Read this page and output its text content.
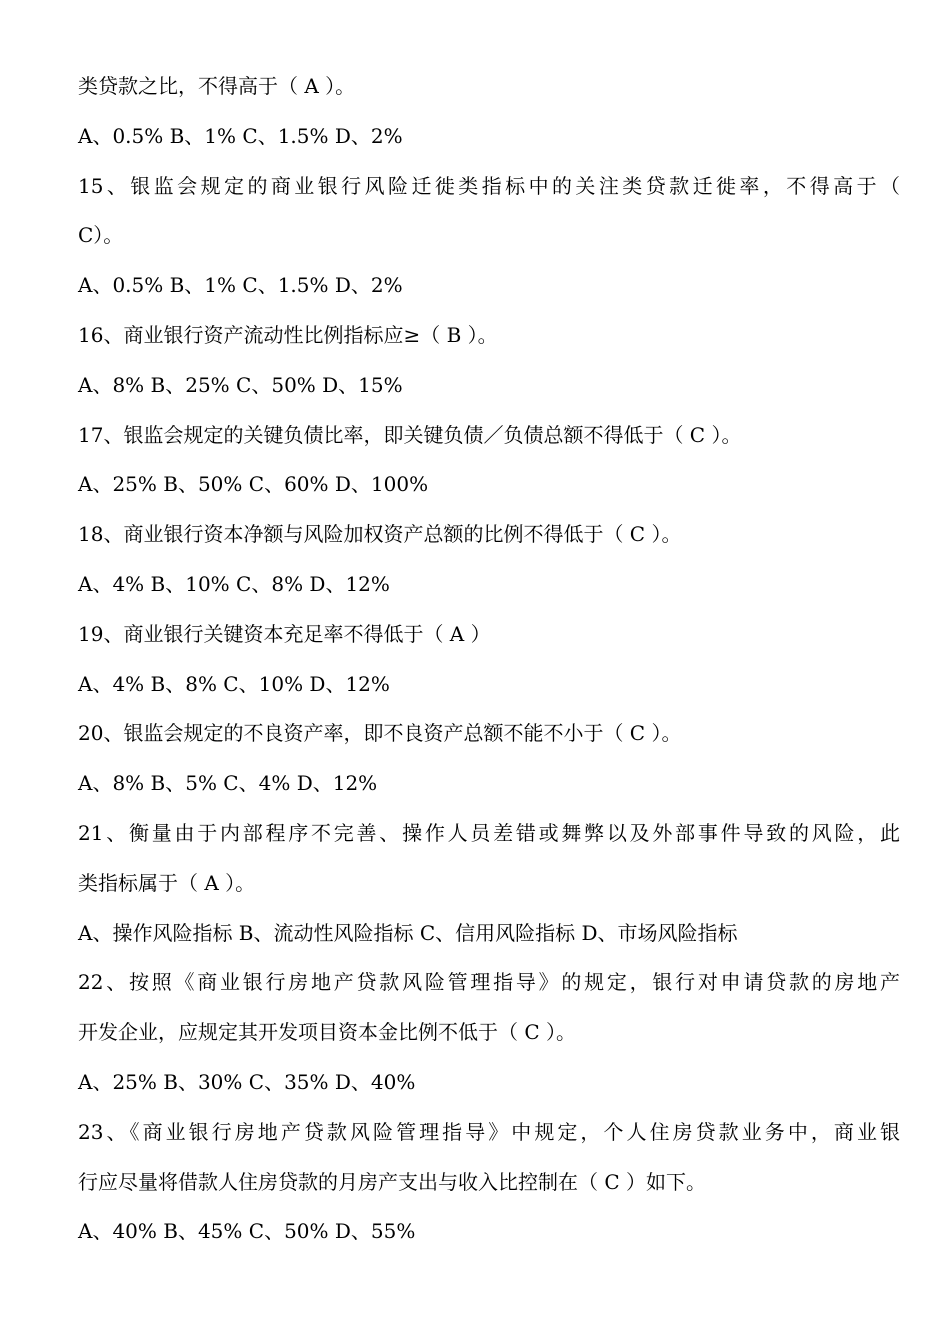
类贷款之比，不得高于（ A ）。
A、0.5% B、1% C、1.5% D、2%
15、银监会规定的商业银行风险迁徙类指标中的关注类贷款迁徙率，不得高于（
C）。
A、0.5% B、1% C、1.5% D、2%
16、商业银行资产流动性比例指标应≥（ B ）。
A、8% B、25% C、50% D、15%
17、银监会规定的关键负债比率，即关键负债／负债总额不得低于（ C ）。
A、25% B、50% C、60% D、100%
18、商业银行资本净额与风险加权资产总额的比例不得低于（ C ）。
A、4% B、10% C、8% D、12%
19、商业银行关键资本充足率不得低于（ A ）
A、4% B、8% C、10% D、12%
20、银监会规定的不良资产率，即不良资产总额不能不小于（ C ）。
A、8% B、5% C、4% D、12%
21、衡量由于内部程序不完善、操作人员差错或舞弊以及外部事件导致的风险，此
类指标属于（ A ）。
A、操作风险指标 B、流动性风险指标 C、信用风险指标 D、市场风险指标
22、按照《商业银行房地产贷款风险管理指导》的规定，银行对申请贷款的房地产
开发企业，应规定其开发项目资本金比例不低于（ C ）。
A、25% B、30% C、35% D、40%
23、《商业银行房地产贷款风险管理指导》中规定，个人住房贷款业务中，商业银
行应尽量将借款人住房贷款的月房产支出与收入比控制在（ C ）如下。
A、40% B、45% C、50% D、55%
